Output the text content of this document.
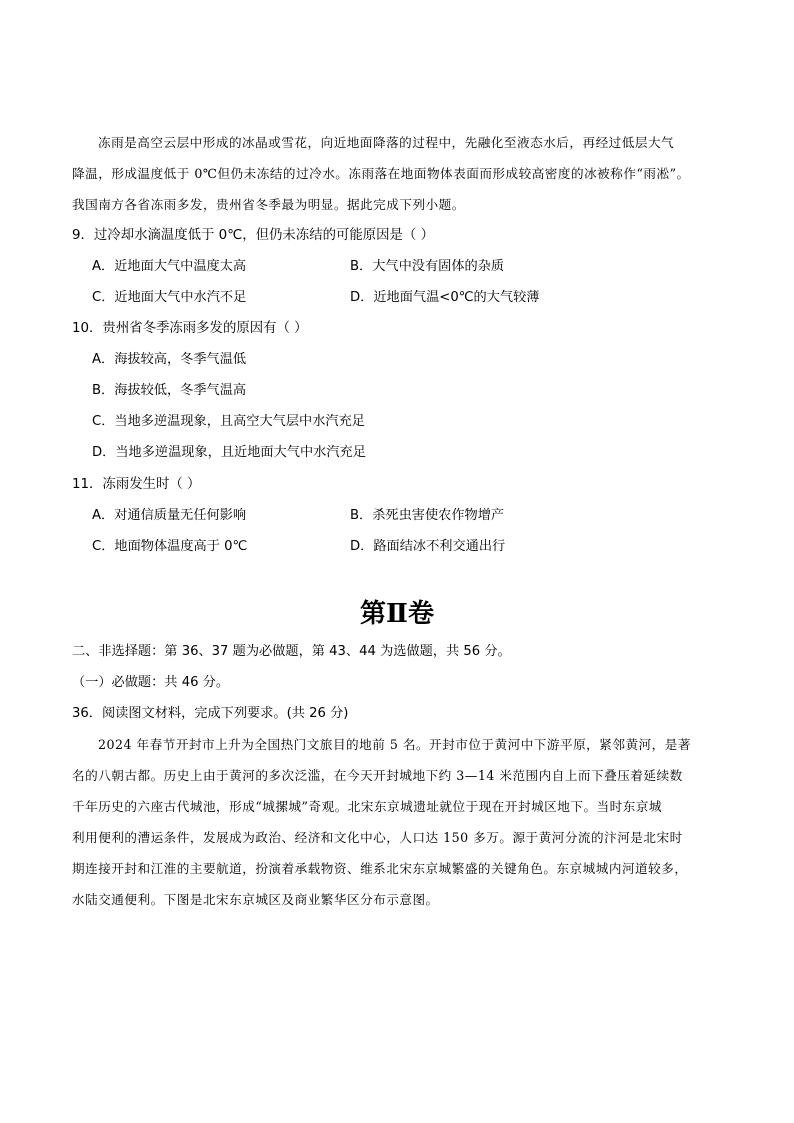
冻雨是高空云层中形成的冰晶或雪花，向近地面降落的过程中，先融化至液态水后，再经过低层大气
降温，形成温度低于 0℃但仍未冻结的过冷水。冻雨落在地面物体表面而形成较高密度的冰被称作“雨凇”。
我国南方各省冻雨多发，贵州省冬季最为明显。据此完成下列小题。
9．过冷却水滴温度低于 0℃，但仍未冻结的可能原因是（ ）
A．近地面大气中温度太高	B．大气中没有固体的杂质
C．近地面大气中水汽不足	D．近地面气温<0℃的大气较薄
10．贵州省冬季冻雨多发的原因有（ ）
A．海拔较高，冬季气温低
B．海拔较低，冬季气温高
C．当地多逆温现象，且高空大气层中水汽充足
D．当地多逆温现象，且近地面大气中水汽充足
11．冻雨发生时（ ）
A．对通信质量无任何影响	B．杀死虫害使农作物增产
C．地面物体温度高于 0℃	D．路面结冰不利交通出行
第Ⅱ卷
二、非选择题：第 36、37 题为必做题，第 43、44 为选做题，共 56 分。
（一）必做题：共 46 分。
36．阅读图文材料，完成下列要求。(共 26 分)
2024 年春节开封市上升为全国热门文旅目的地前 5 名。开封市位于黄河中下游平原，紧邻黄河，是著
名的八朝古都。历史上由于黄河的多次泛滥，在今天开封城地下约 3—14 米范围内自上而下叠压着延续数
千年历史的六座古代城池，形成“城摞城”奇观。北宋东京城遗址就位于现在开封城区地下。当时东京城
利用便利的漕运条件，发展成为政治、经济和文化中心，人口达 150 多万。源于黄河分流的汴河是北宋时
期连接开封和江淮的主要航道，扮演着承载物资、维系北宋东京城繁盛的关键角色。东京城城内河道较多，
水陆交通便利。下图是北宋东京城区及商业繁华区分布示意图。
